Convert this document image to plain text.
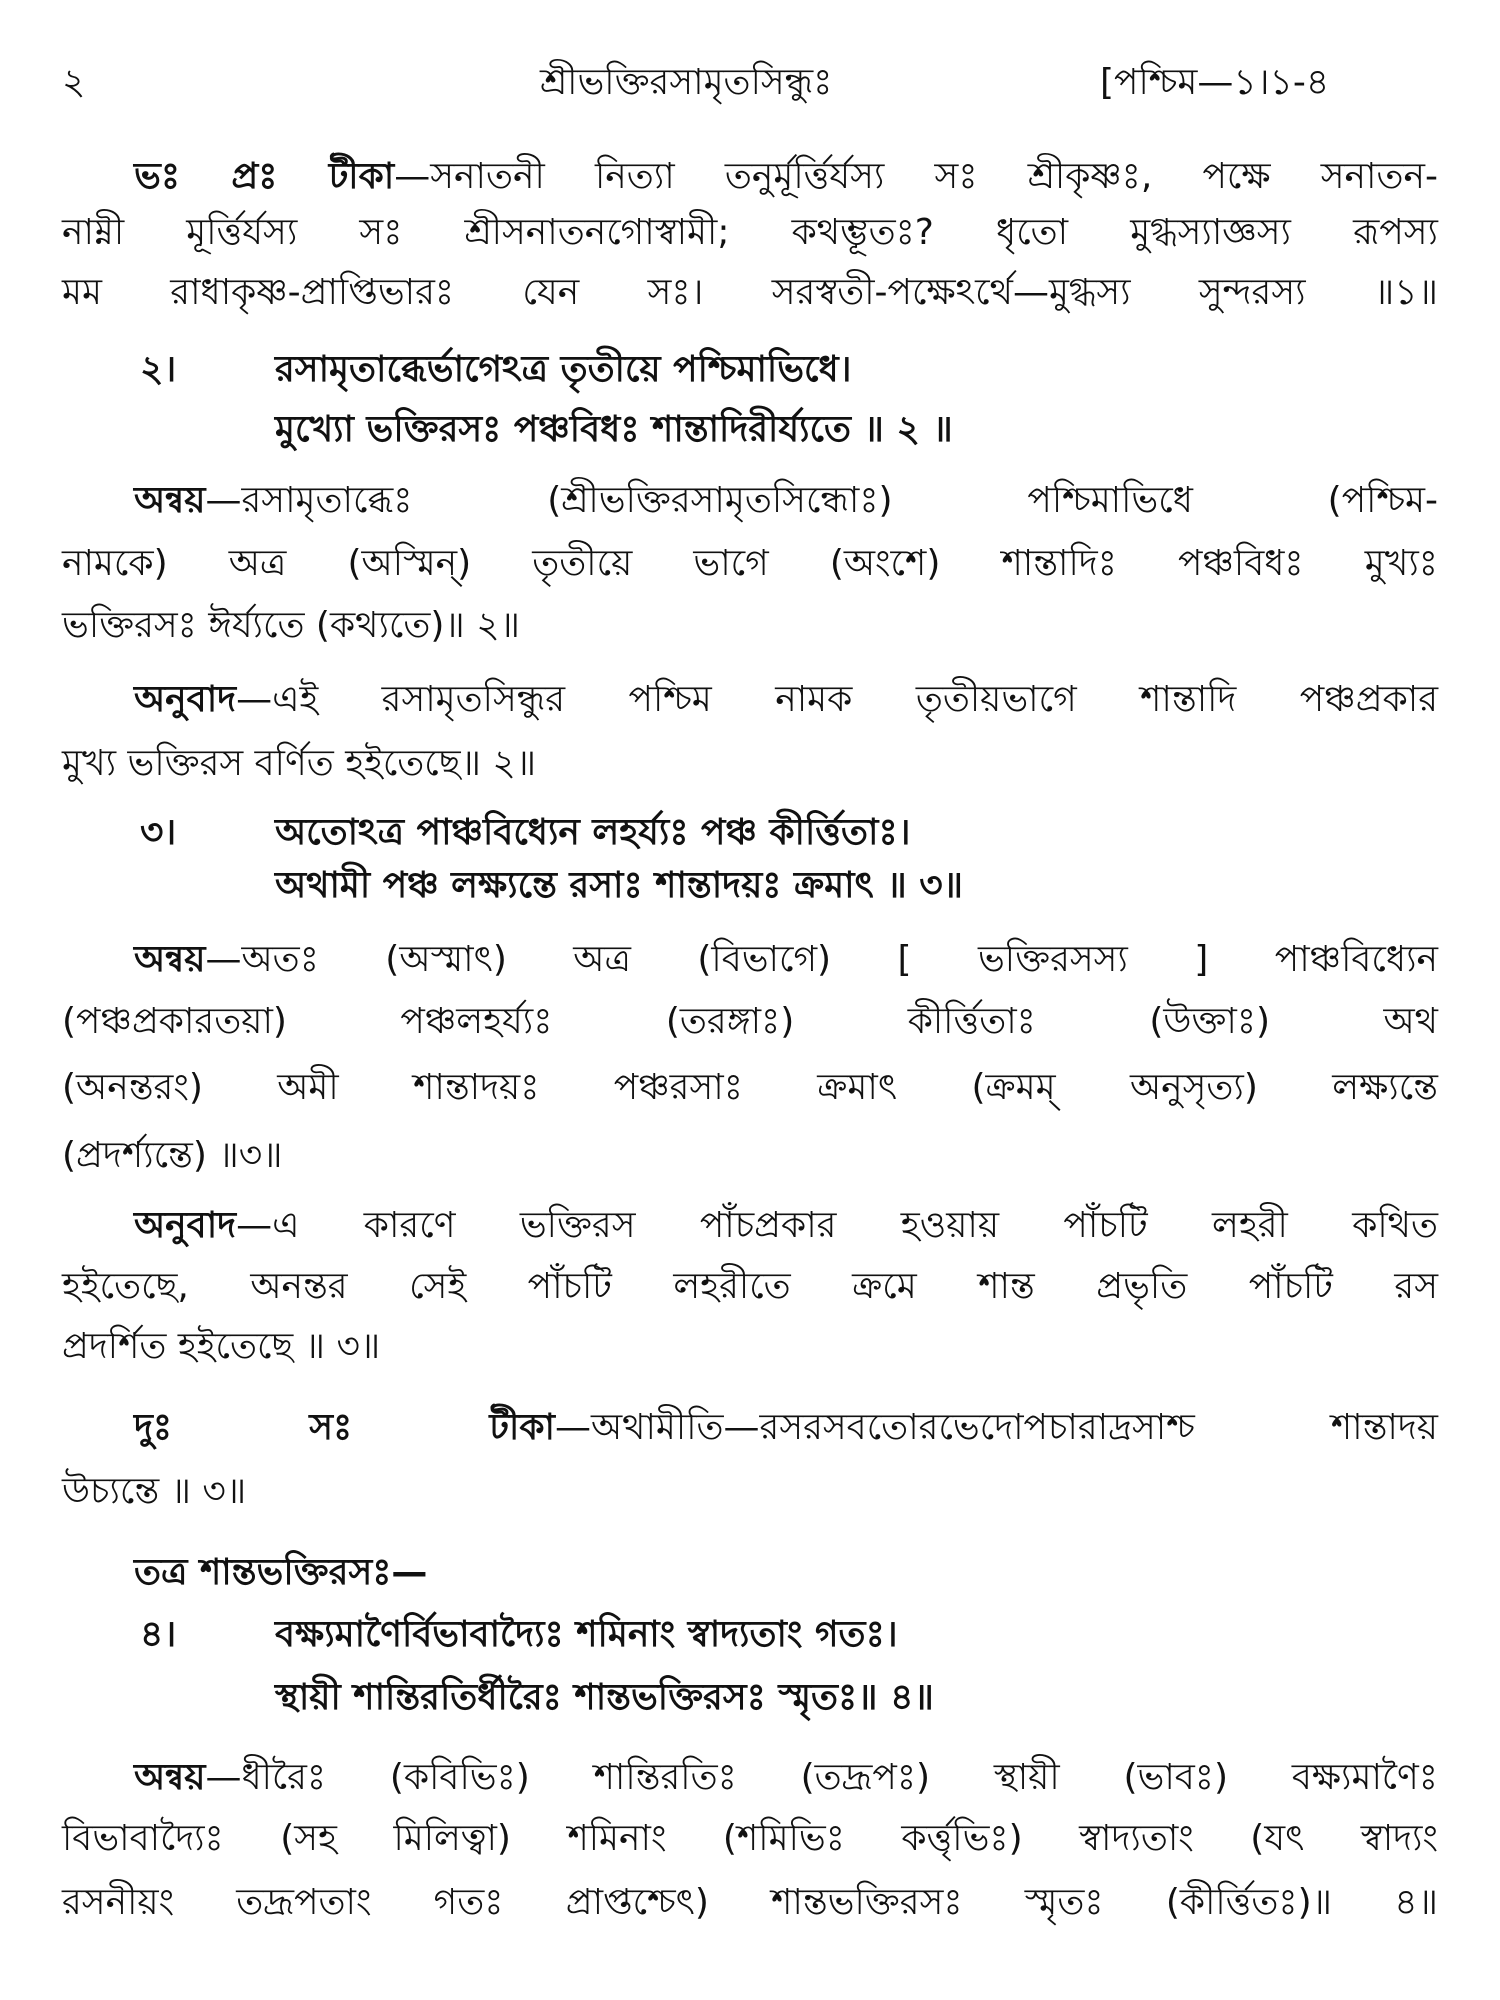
২	শ্রীভক্তিরসামৃতসিন্ধুঃ	[পশ্চিম—১।১-৪
ভঃ প্রঃ টীকা—সনাতনী নিত্যা তনুর্মূর্ত্তির্যস্য সঃ শ্রীকৃষ্ণঃ, পক্ষে সনাতন-
নাম্নী মূর্ত্তির্যস্য সঃ শ্রীসনাতনগোস্বামী; কথম্ভূতঃ? ধৃতো মুগ্ধস্যাজ্ঞস্য রূপস্য
মম রাধাকৃষ্ণ-প্রাপ্তিভারঃ যেন সঃ। সরস্বতী-পক্ষেঽর্থে—মুগ্ধস্য সুন্দরস্য ॥১॥
২।	রসামৃতাব্ধের্ভাগেঽত্র তৃতীয়ে পশ্চিমাভিধে।
মুখ্যো ভক্তিরসঃ পঞ্চবিধঃ শান্তাদিরীর্য্যতে ॥ ২ ॥
অন্বয়—রসামৃতাব্ধেঃ (শ্রীভক্তিরসামৃতসিন্ধোঃ) পশ্চিমাভিধে (পশ্চিম-
নামকে) অত্র (অস্মিন্) তৃতীয়ে ভাগে (অংশে) শান্তাদিঃ পঞ্চবিধঃ মুখ্যঃ
ভক্তিরসঃ ঈর্য্যতে (কথ্যতে)॥ ২॥
অনুবাদ—এই রসামৃতসিন্ধুর পশ্চিম নামক তৃতীয়ভাগে শান্তাদি পঞ্চপ্রকার
মুখ্য ভক্তিরস বর্ণিত হইতেছে॥ ২॥
৩।	অতোঽত্র পাঞ্চবিধ্যেন লহর্য্যঃ পঞ্চ কীর্ত্তিতাঃ।
অথামী পঞ্চ লক্ষ্যন্তে রসাঃ শান্তাদয়ঃ ক্রমাৎ ॥ ৩॥
অন্বয়—অতঃ (অস্মাৎ) অত্র (বিভাগে) [ ভক্তিরসস্য ] পাঞ্চবিধ্যেন
(পঞ্চপ্রকারতয়া) পঞ্চলহর্য্যঃ (তরঙ্গাঃ) কীর্ত্তিতাঃ (উক্তাঃ) অথ
(অনন্তরং) অমী শান্তাদয়ঃ পঞ্চরসাঃ ক্রমাৎ (ক্রমম্ অনুসৃত্য) লক্ষ্যন্তে
(প্রদর্শ্যন্তে) ॥৩॥
অনুবাদ—এ কারণে ভক্তিরস পাঁচপ্রকার হওয়ায় পাঁচটি লহরী কথিত
হইতেছে, অনন্তর সেই পাঁচটি লহরীতে ক্রমে শান্ত প্রভৃতি পাঁচটি রস
প্রদর্শিত হইতেছে ॥ ৩॥
দুঃ সঃ টীকা—অথামীতি—রসরসবতোরভেদোপচারাদ্রসাশ্চ শান্তাদয়
উচ্যন্তে ॥ ৩॥
তত্র শান্তভক্তিরসঃ—
৪।	বক্ষ্যমাণৈর্বিভাবাদ্যৈঃ শমিনাং স্বাদ্যতাং গতঃ।
স্থায়ী শান্তিরতির্ধীরৈঃ শান্তভক্তিরসঃ স্মৃতঃ॥ ৪॥
অন্বয়—ধীরৈঃ (কবিভিঃ) শান্তিরতিঃ (তদ্রূপঃ) স্থায়ী (ভাবঃ) বক্ষ্যমাণৈঃ
বিভাবাদ্যৈঃ (সহ মিলিত্বা) শমিনাং (শমিভিঃ কর্ত্তৃভিঃ) স্বাদ্যতাং (যৎ স্বাদ্যং
রসনীয়ং তদ্রূপতাং গতঃ প্রাপ্তশ্চেৎ) শান্তভক্তিরসঃ স্মৃতঃ (কীর্ত্তিতঃ)॥ ৪॥
